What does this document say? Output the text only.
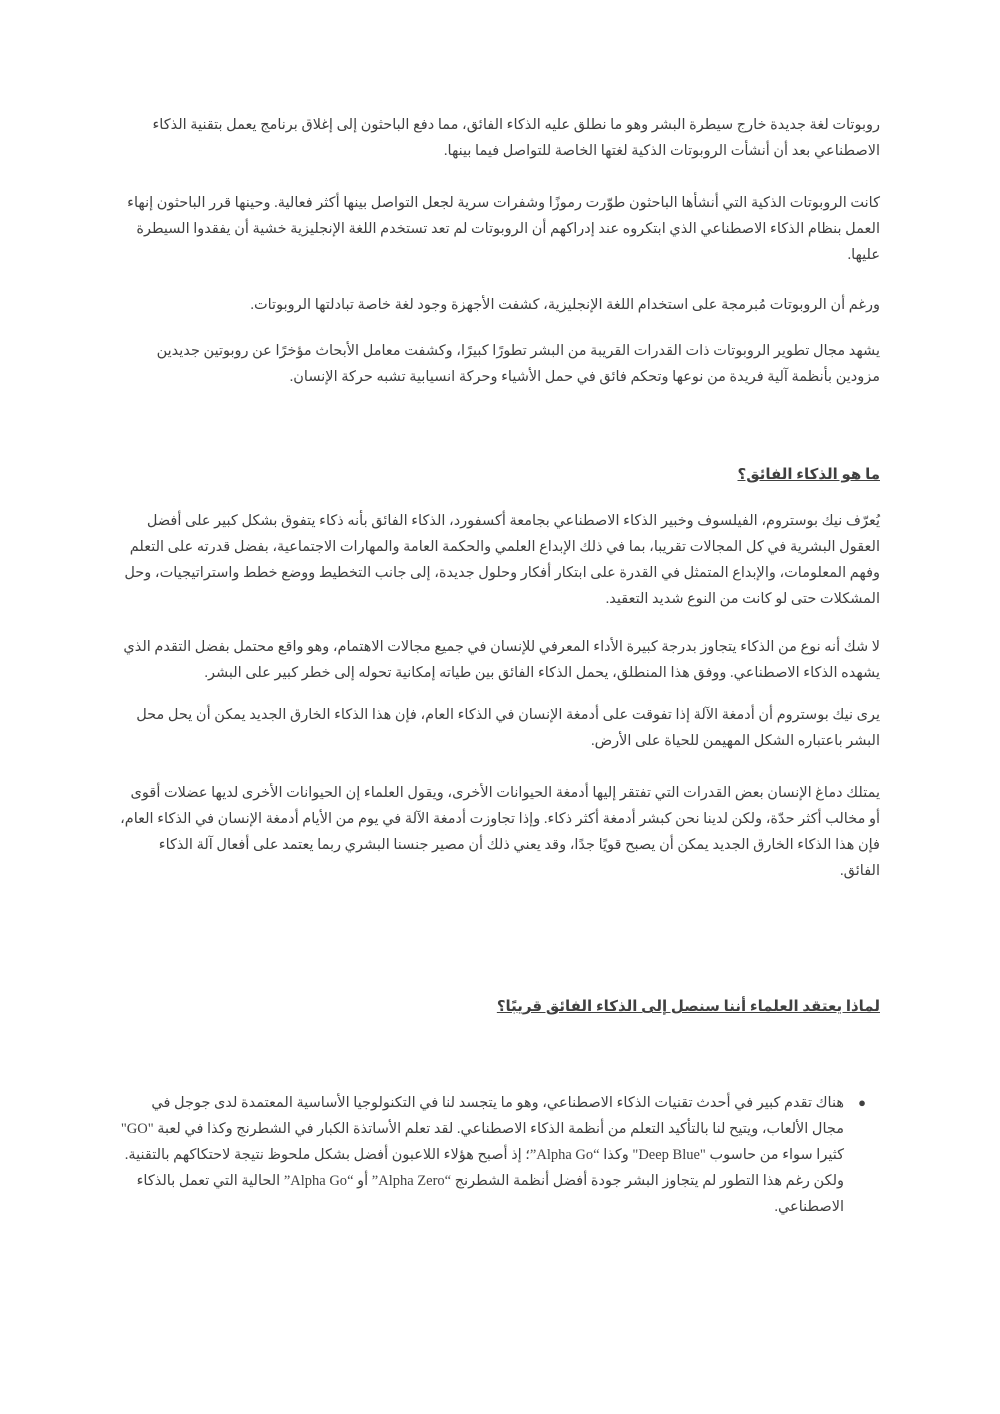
روبوتات لغة جديدة خارج سيطرة البشر وهو ما نطلق عليه الذكاء الفائق، مما دفع الباحثون إلى إغلاق برنامج يعمل بتقنية الذكاء الاصطناعي بعد أن أنشأت الروبوتات الذكية لغتها الخاصة للتواصل فيما بينها.

كانت الروبوتات الذكية التي أنشأها الباحثون طوّرت رموزًا وشفرات سرية لجعل التواصل بينها أكثر فعالية. وحينها قرر الباحثون إنهاء العمل بنظام الذكاء الاصطناعي الذي ابتكروه عند إدراكهم أن الروبوتات لم تعد تستخدم اللغة الإنجليزية خشية أن يفقدوا السيطرة عليها.

ورغم أن الروبوتات مُبرمجة على استخدام اللغة الإنجليزية، كشفت الأجهزة وجود لغة خاصة تبادلتها الروبوتات.

يشهد مجال تطوير الروبوتات ذات القدرات القريبة من البشر تطورًا كبيرًا، وكشفت معامل الأبحاث مؤخرًا عن روبوتين جديدين مزودين بأنظمة آلية فريدة من نوعها وتحكم فائق في حمل الأشياء وحركة انسيابية تشبه حركة الإنسان.

ما هو الذكاء الفائق؟

يُعرّف نيك بوستروم، الفيلسوف وخبير الذكاء الاصطناعي بجامعة أكسفورد، الذكاء الفائق بأنه ذكاء يتفوق بشكل كبير على أفضل العقول البشرية في كل المجالات تقريبا، بما في ذلك الإبداع العلمي والحكمة العامة والمهارات الاجتماعية، بفضل قدرته على التعلم وفهم المعلومات، والإبداع المتمثل في القدرة على ابتكار أفكار وحلول جديدة، إلى جانب التخطيط ووضع خطط واستراتيجيات، وحل المشكلات حتى لو كانت من النوع شديد التعقيد.

لا شك أنه نوع من الذكاء يتجاوز بدرجة كبيرة الأداء المعرفي للإنسان في جميع مجالات الاهتمام، وهو واقع محتمل بفضل التقدم الذي يشهده الذكاء الاصطناعي. ووفق هذا المنطلق، يحمل الذكاء الفائق بين طياته إمكانية تحوله إلى خطر كبير على البشر.

يرى نيك بوستروم أن أدمغة الآلة إذا تفوقت على أدمغة الإنسان في الذكاء العام، فإن هذا الذكاء الخارق الجديد يمكن أن يحل محل البشر باعتباره الشكل المهيمن للحياة على الأرض.

يمتلك دماغ الإنسان بعض القدرات التي تفتقر إليها أدمغة الحيوانات الأخرى، ويقول العلماء إن الحيوانات الأخرى لديها عضلات أقوى أو مخالب أكثر حدّة، ولكن لدينا نحن كبشر أدمغة أكثر ذكاء. وإذا تجاوزت أدمغة الآلة في يوم من الأيام أدمغة الإنسان في الذكاء العام، فإن هذا الذكاء الخارق الجديد يمكن أن يصبح قويًا جدًا، وقد يعني ذلك أن مصير جنسنا البشري ربما يعتمد على أفعال آلة الذكاء الفائق.

لماذا يعتقد العلماء أننا سنصل إلى الذكاء الفائق قريبًا؟
●
هناك تقدم كبير في أحدث تقنيات الذكاء الاصطناعي، وهو ما يتجسد لنا في التكنولوجيا الأساسية المعتمدة لدى جوجل في مجال الألعاب، ويتيح لنا بالتأكيد التعلم من أنظمة الذكاء الاصطناعي. لقد تعلم الأساتذة الكبار في الشطرنج وكذا في لعبة "GO" كثيرا سواء من حاسوب "Deep Blue" وكذا “Alpha Go”؛ إذ أصبح هؤلاء اللاعبون أفضل بشكل ملحوظ نتيجة لاحتكاكهم بالتقنية. ولكن رغم هذا التطور لم يتجاوز البشر جودة أفضل أنظمة الشطرنج “Alpha Zero” أو “Alpha Go” الحالية التي تعمل بالذكاء الاصطناعي.
